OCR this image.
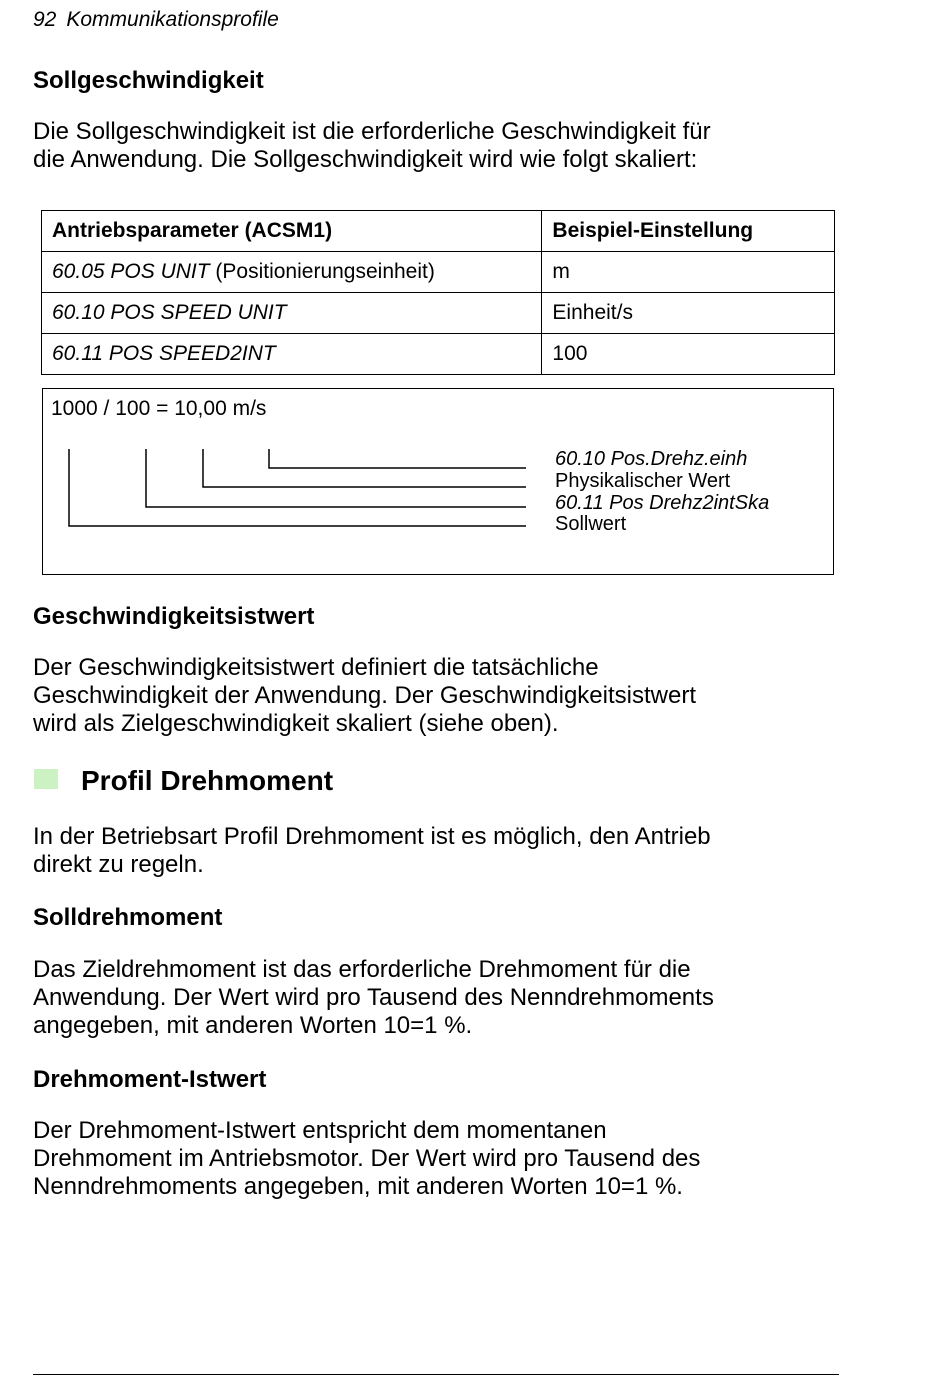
92 Kommunikationsprofile
Sollgeschwindigkeit
Die Sollgeschwindigkeit ist die erforderliche Geschwindigkeit für
die Anwendung. Die Sollgeschwindigkeit wird wie folgt skaliert:
Antriebsparameter (ACSM1)	Beispiel-Einstellung
60.05 POS UNIT (Positionierungseinheit)	m
60.10 POS SPEED UNIT	Einheit/s
60.11 POS SPEED2INT	100
1000 / 100 = 10,00 m/s
60.10 Pos.Drehz.einh
Physikalischer Wert
60.11 Pos Drehz2intSka
Sollwert
Geschwindigkeitsistwert
Der Geschwindigkeitsistwert definiert die tatsächliche
Geschwindigkeit der Anwendung. Der Geschwindigkeitsistwert
wird als Zielgeschwindigkeit skaliert (siehe oben).
Profil Drehmoment
In der Betriebsart Profil Drehmoment ist es möglich, den Antrieb
direkt zu regeln.
Solldrehmoment
Das Zieldrehmoment ist das erforderliche Drehmoment für die
Anwendung. Der Wert wird pro Tausend des Nenndrehmoments
angegeben, mit anderen Worten 10=1 %.
Drehmoment-Istwert
Der Drehmoment-Istwert entspricht dem momentanen
Drehmoment im Antriebsmotor. Der Wert wird pro Tausend des
Nenndrehmoments angegeben, mit anderen Worten 10=1 %.
